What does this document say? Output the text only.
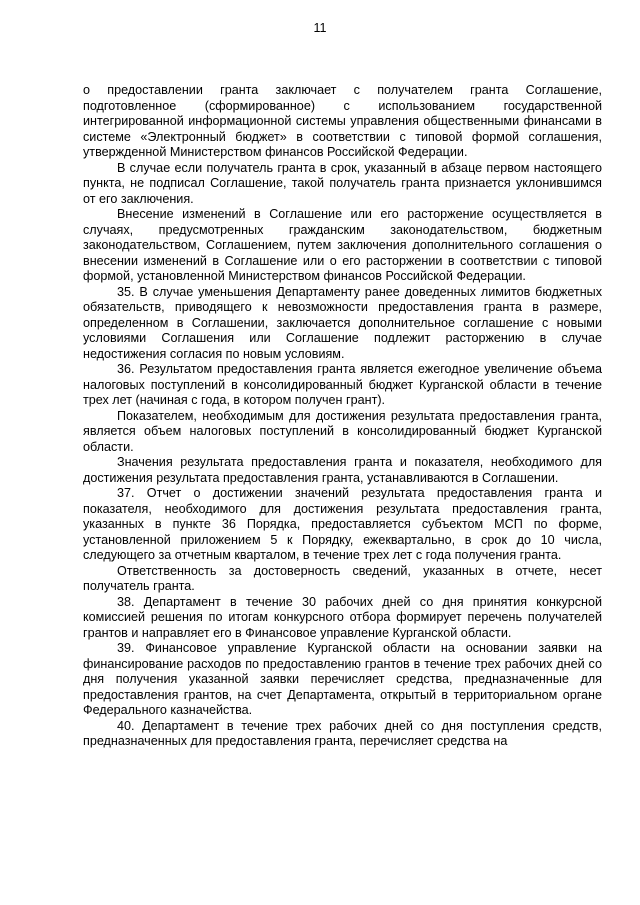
11

о предоставлении гранта заключает с получателем гранта Соглашение, подготовленное (сформированное) с использованием государственной интегрированной информационной системы управления общественными финансами в системе «Электронный бюджет» в соответствии с типовой формой соглашения, утвержденной Министерством финансов Российской Федерации.

В случае если получатель гранта в срок, указанный в абзаце первом настоящего пункта, не подписал Соглашение, такой получатель гранта признается уклонившимся от его заключения.

Внесение изменений в Соглашение или его расторжение осуществляется в случаях, предусмотренных гражданским законодательством, бюджетным законодательством, Соглашением, путем заключения дополнительного соглашения о внесении изменений в Соглашение или о его расторжении в соответствии с типовой формой, установленной Министерством финансов Российской Федерации.

35. В случае уменьшения Департаменту ранее доведенных лимитов бюджетных обязательств, приводящего к невозможности предоставления гранта в размере, определенном в Соглашении, заключается дополнительное соглашение с новыми условиями Соглашения или Соглашение подлежит расторжению в случае недостижения согласия по новым условиям.

36. Результатом предоставления гранта является ежегодное увеличение объема налоговых поступлений в консолидированный бюджет Курганской области в течение трех лет (начиная с года, в котором получен грант).

Показателем, необходимым для достижения результата предоставления гранта, является объем налоговых поступлений в консолидированный бюджет Курганской области.

Значения результата предоставления гранта и показателя, необходимого для достижения результата предоставления гранта, устанавливаются в Соглашении.

37. Отчет о достижении значений результата предоставления гранта и показателя, необходимого для достижения результата предоставления гранта, указанных в пункте 36 Порядка, предоставляется субъектом МСП по форме, установленной приложением 5 к Порядку, ежеквартально, в срок до 10 числа, следующего за отчетным кварталом, в течение трех лет с года получения гранта.

Ответственность за достоверность сведений, указанных в отчете, несет получатель гранта.

38. Департамент в течение 30 рабочих дней со дня принятия конкурсной комиссией решения по итогам конкурсного отбора формирует перечень получателей грантов и направляет его в Финансовое управление Курганской области.

39. Финансовое управление Курганской области на основании заявки на финансирование расходов по предоставлению грантов в течение трех рабочих дней со дня получения указанной заявки перечисляет средства, предназначенные для предоставления грантов, на счет Департамента, открытый в территориальном органе Федерального казначейства.

40. Департамент в течение трех рабочих дней со дня поступления средств, предназначенных для предоставления гранта, перечисляет средства на
